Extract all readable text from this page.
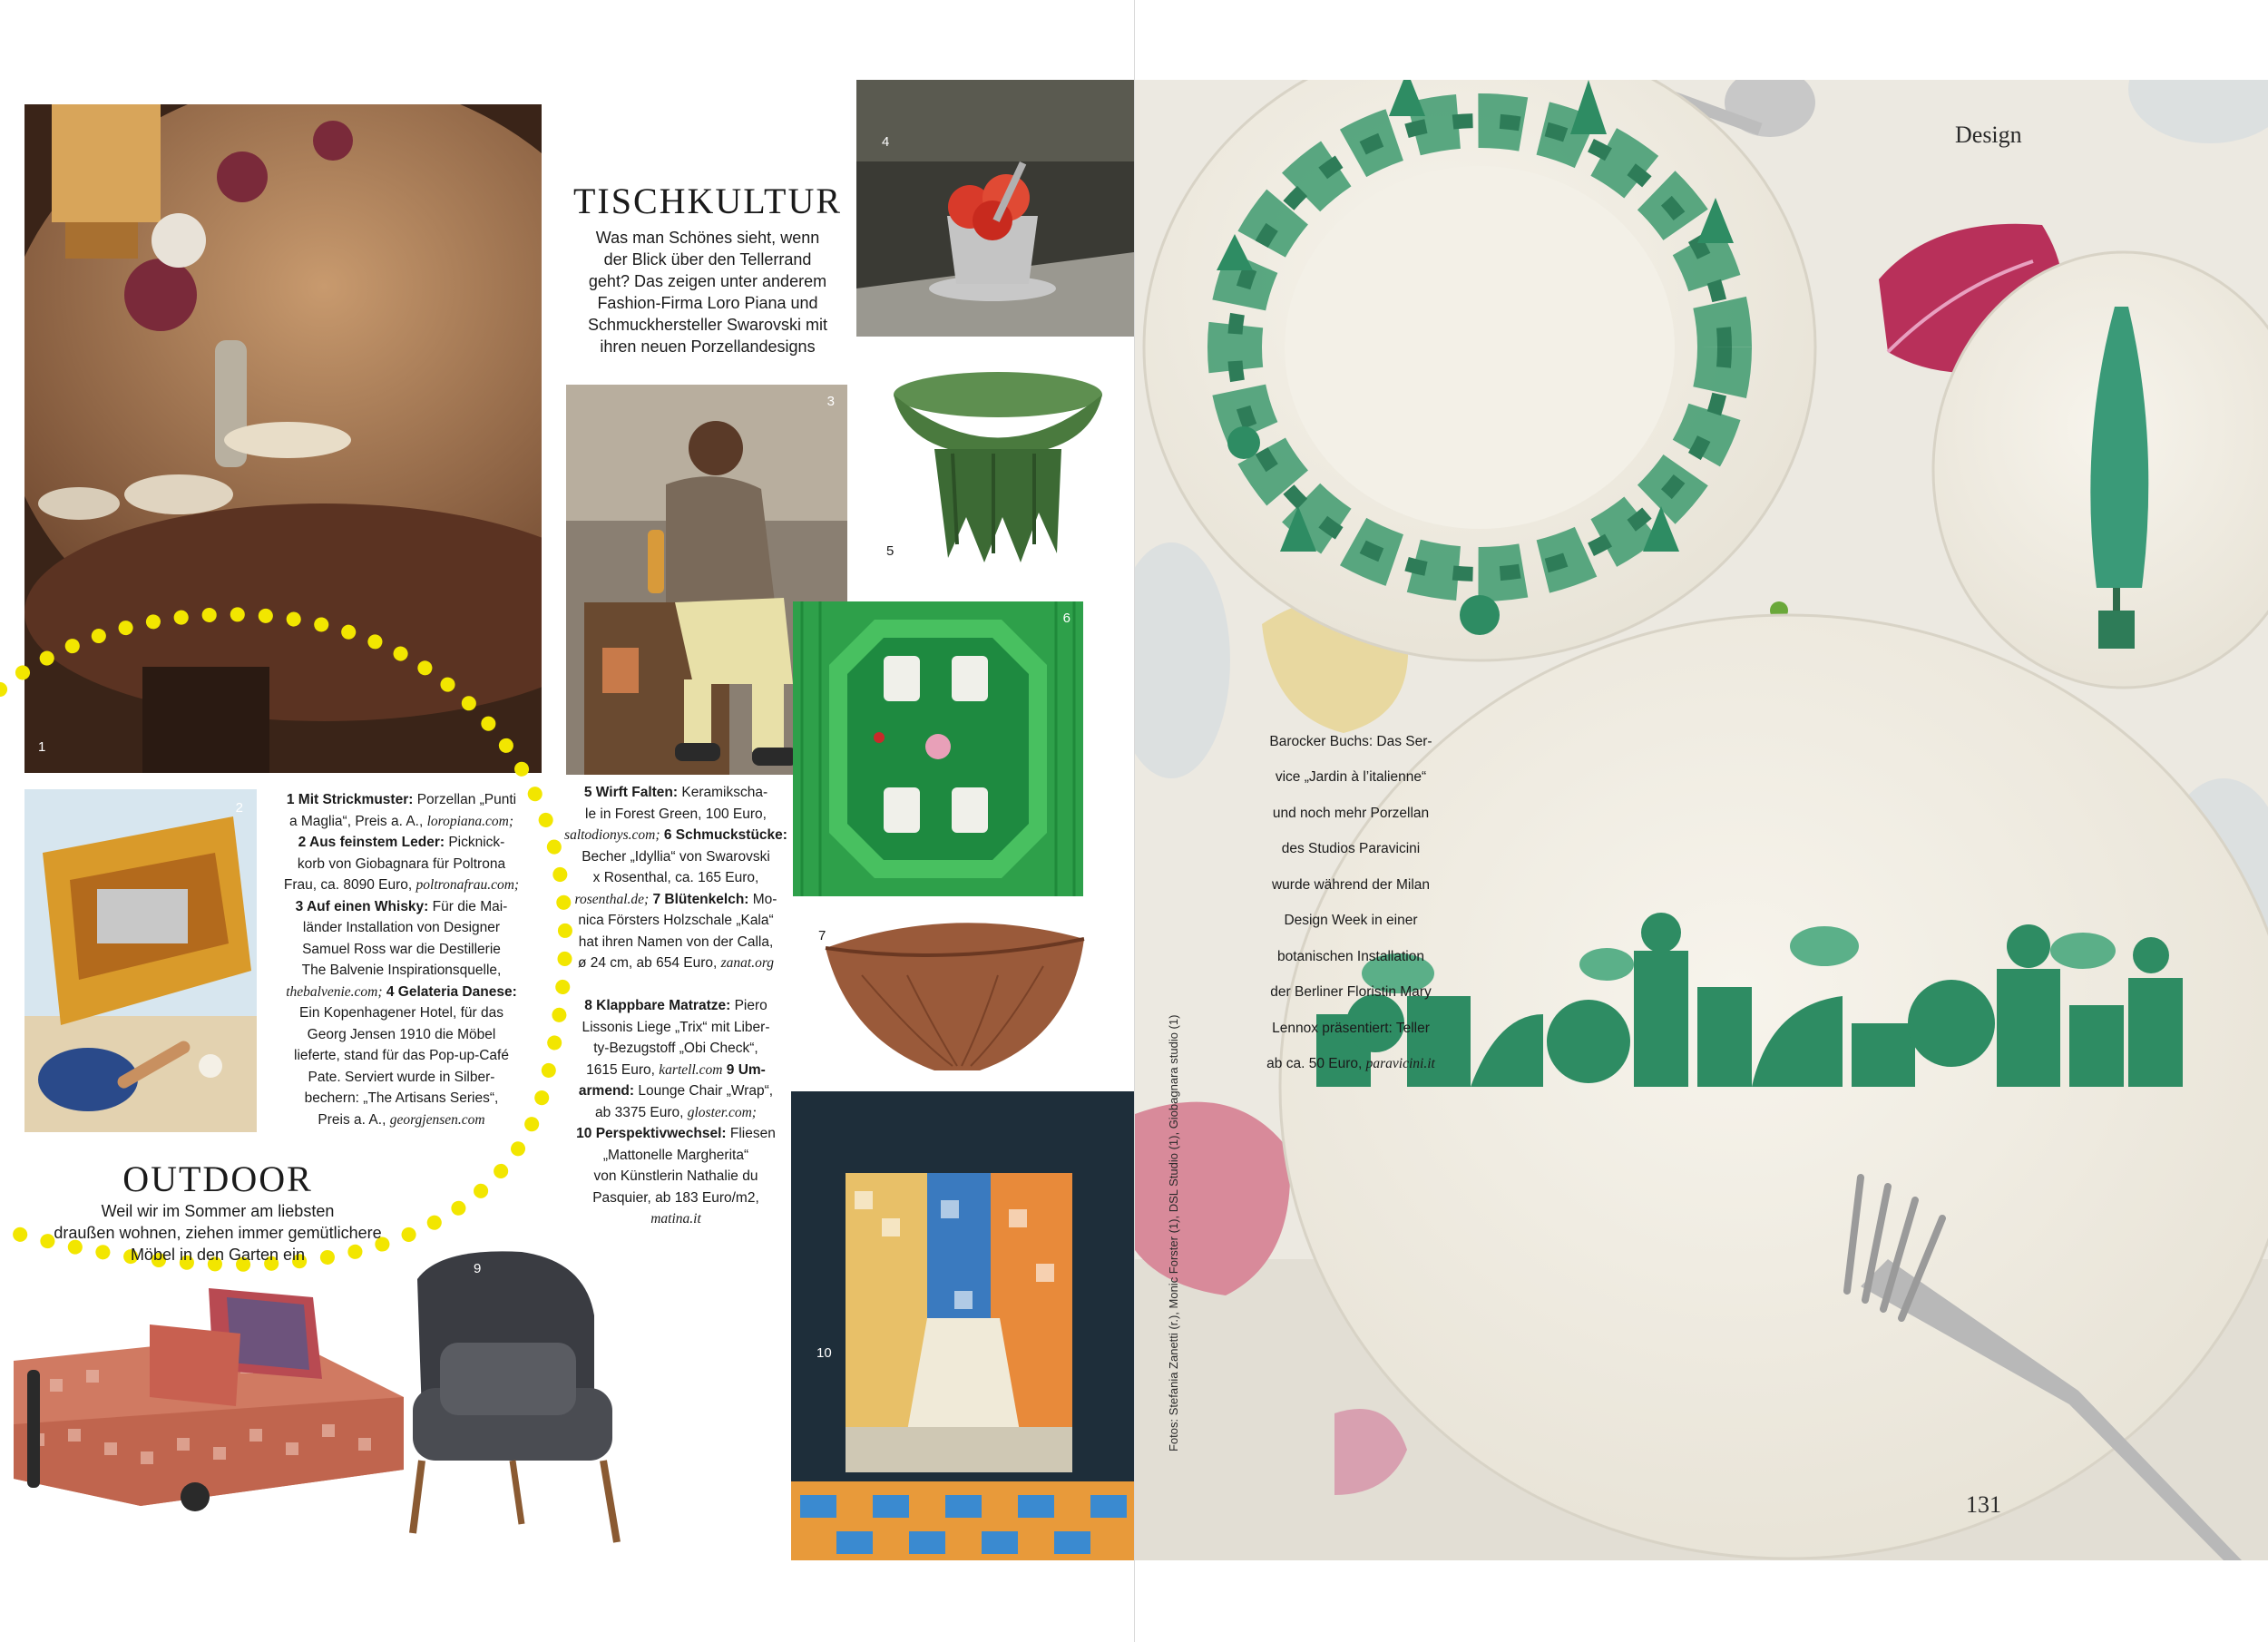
1
2
3
4
5
6
7
10
9
TISCHKULTUR
Was man Schönes sieht, wenn
der Blick über den Tellerrand
geht? Das zeigen unter anderem
Fashion-Firma Loro Piana und
Schmuckhersteller Swarovski mit
ihren neuen Porzellandesigns
OUTDOOR
Weil wir im Sommer am liebsten
draußen wohnen, ziehen immer gemütlichere
Möbel in den Garten ein

1 Mit Strickmuster: Porzellan „Punti

a Maglia“, Preis a. A., loropiana.com;

2 Aus feinstem Leder: Picknick-

korb von Giobagnara für Poltrona

Frau, ca. 8090 Euro, poltronafrau.com;

3 Auf einen Whisky: Für die Mai-

länder Installation von Designer

Samuel Ross war die Destillerie

The Balvenie Inspirationsquelle,

thebalvenie.com; 4 Gelateria Danese:

Ein Kopenhagener Hotel, für das

Georg Jensen 1910 die Möbel

lieferte, stand für das Pop-up-Café

Pate. Serviert wurde in Silber-

bechern: „The Artisans Series“,

Preis a. A., georgjensen.com

5 Wirft Falten: Keramikscha-

le in Forest Green, 100 Euro,

saltodionys.com; 6 Schmuckstücke:

Becher „Idyllia“ von Swarovski

x Rosenthal, ca. 165 Euro,

rosenthal.de; 7 Blütenkelch: Mo-

nica Försters Holzschale „Kala“

hat ihren Namen von der Calla,

ø 24 cm, ab 654 Euro, zanat.org

8 Klappbare Matratze: Piero

Lissonis Liege „Trix“ mit Liber-

ty-Bezugstoff „Obi Check“,

1615 Euro, kartell.com 9 Um-

armend: Lounge Chair „Wrap“,

ab 3375 Euro, gloster.com;

10 Perspektivwechsel: Fliesen

„Mattonelle Margherita“

von Künstlerin Nathalie du

Pasquier, ab 183 Euro/m2,

matina.it

Design

Barocker Buchs: Das Ser-

vice „Jardin à l’italienne“

und noch mehr Porzellan

des Studios Paravicini

wurde während der Milan

Design Week in einer

botanischen Installation

der Berliner Floristin Mary

Lennox präsentiert: Teller

ab ca. 50 Euro, paravicini.it

Fotos: Stefania Zanetti (r.), Monic Forster (1), DSL Studio (1), Giobagnara studio (1)
131
